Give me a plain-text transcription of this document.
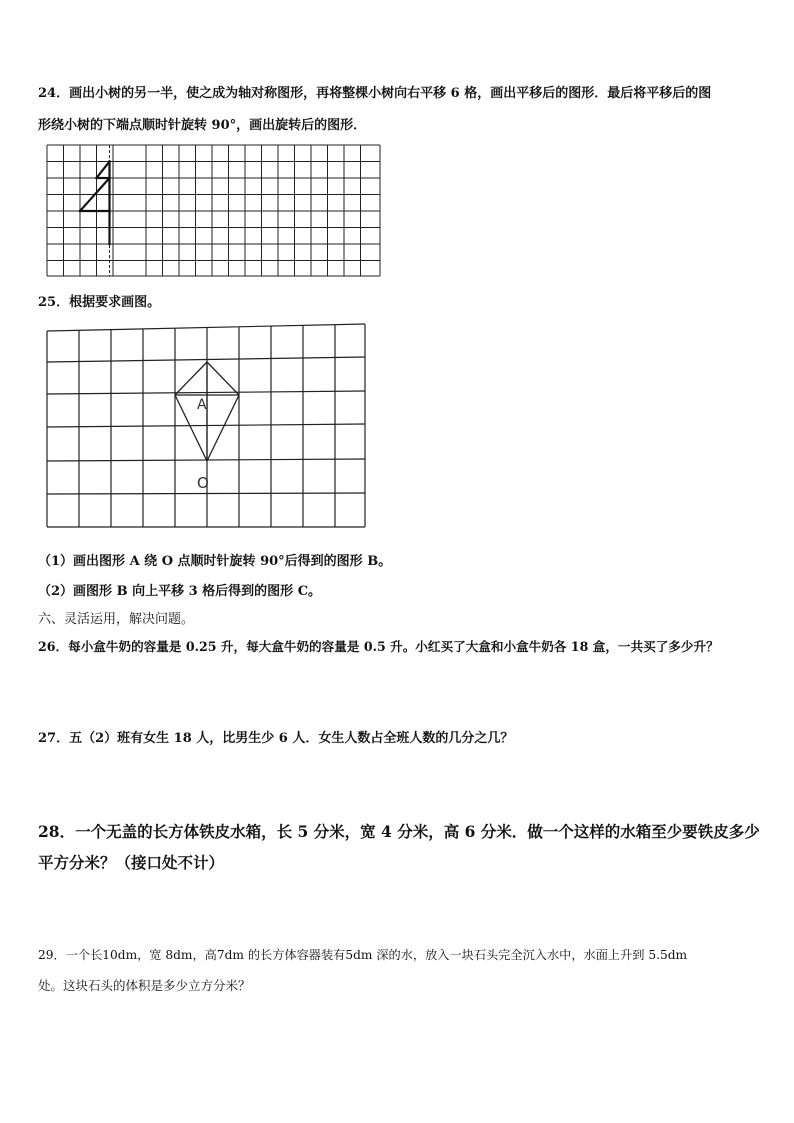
24．画出小树的另一半，使之成为轴对称图形，再将整棵小树向右平移 6 格，画出平移后的图形．最后将平移后的图
形绕小树的下端点顺时针旋转 90°，画出旋转后的图形．
25．根据要求画图。
A
O
（1）画出图形 A 绕 O 点顺时针旋转 90°后得到的图形 B。
（2）画图形 B 向上平移 3 格后得到的图形 C。
六、灵活运用，解决问题。
26．每小盒牛奶的容量是 0.25 升，每大盒牛奶的容量是 0.5 升。小红买了大盒和小盒牛奶各 18 盒，一共买了多少升？
27．五（2）班有女生 18 人，比男生少 6 人．女生人数占全班人数的几分之几？
28．一个无盖的长方体铁皮水箱，长 5 分米，宽 4 分米，高 6 分米．做一个这样的水箱至少要铁皮多少
平方分米？（接口处不计）
29．一个长10dm，宽 8dm，高7dm 的长方体容器装有5dm 深的水，放入一块石头完全沉入水中，水面上升到 5.5dm
处。这块石头的体积是多少立方分米？
